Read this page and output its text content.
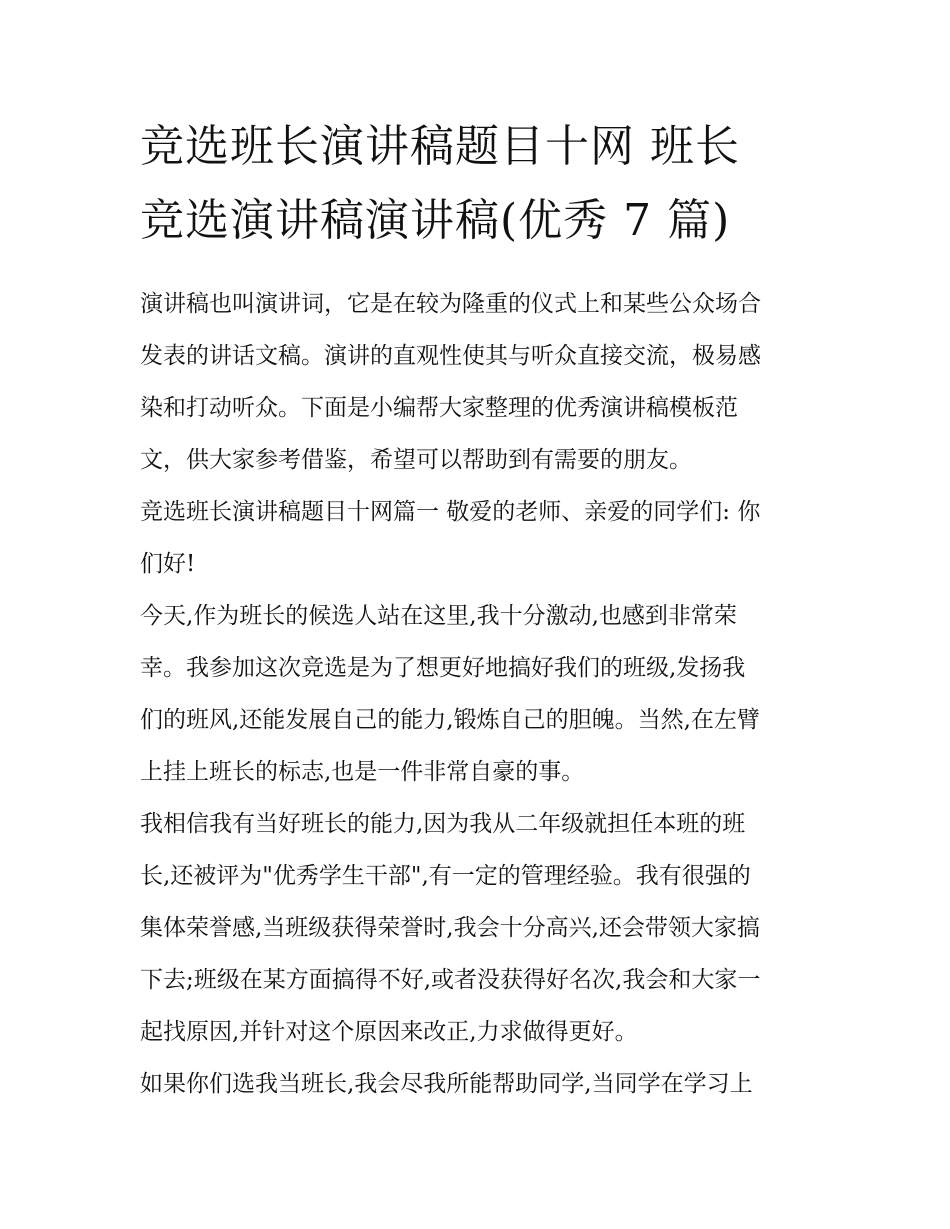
竞选班长演讲稿题目十网 班长
竞选演讲稿演讲稿(优秀 7 篇)

演讲稿也叫演讲词，它是在较为隆重的仪式上和某些公众场合
发表的讲话文稿。演讲的直观性使其与听众直接交流，极易感
染和打动听众。下面是小编帮大家整理的优秀演讲稿模板范
文，供大家参考借鉴，希望可以帮助到有需要的朋友。

竞选班长演讲稿题目十网篇一 敬爱的老师、亲爱的同学们: 你
们好!

今天,作为班长的候选人站在这里,我十分激动,也感到非常荣
幸。我参加这次竞选是为了想更好地搞好我们的班级,发扬我
们的班风,还能发展自己的能力,锻炼自己的胆魄。当然,在左臂
上挂上班长的标志,也是一件非常自豪的事。

我相信我有当好班长的能力,因为我从二年级就担任本班的班
长,还被评为"优秀学生干部",有一定的管理经验。我有很强的
集体荣誉感,当班级获得荣誉时,我会十分高兴,还会带领大家搞
下去;班级在某方面搞得不好,或者没获得好名次,我会和大家一
起找原因,并针对这个原因来改正,力求做得更好。

如果你们选我当班长,我会尽我所能帮助同学,当同学在学习上
